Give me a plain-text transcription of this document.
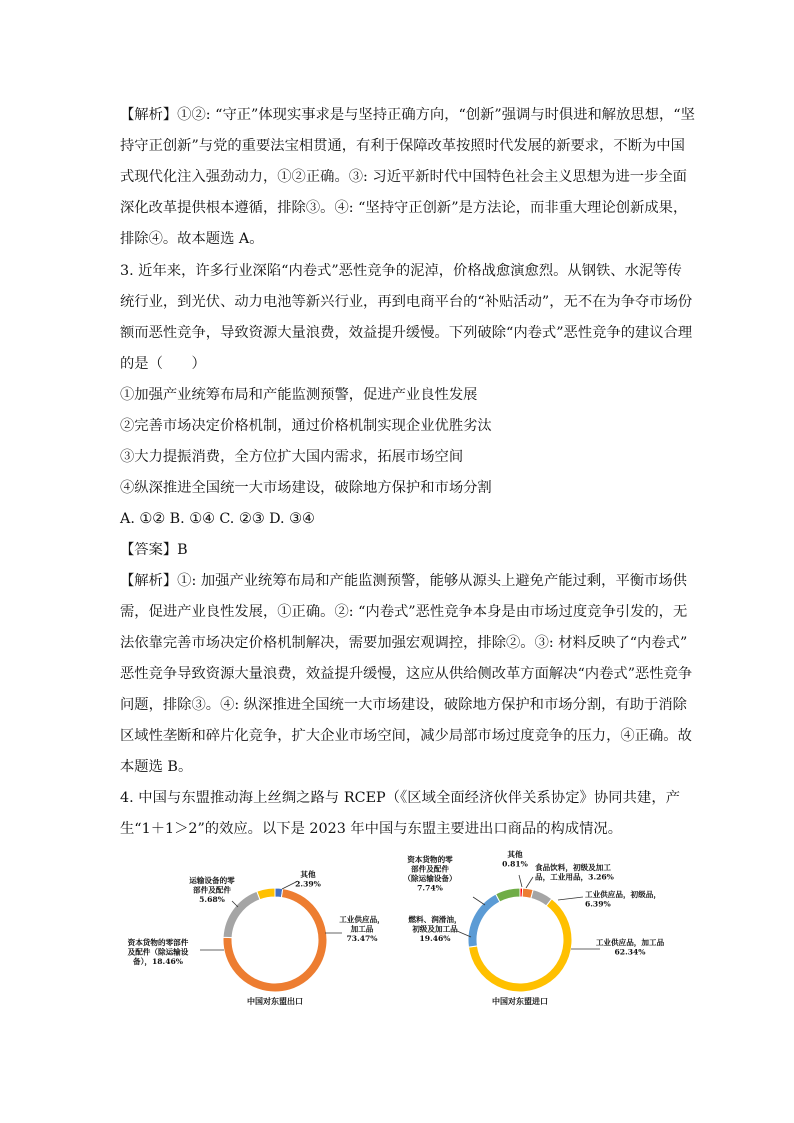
【解析】①②: “守正”体现实事求是与坚持正确方向，“创新”强调与时俱进和解放思想，“坚
持守正创新”与党的重要法宝相贯通，有利于保障改革按照时代发展的新要求，不断为中国
式现代化注入强劲动力，①②正确。③: 习近平新时代中国特色社会主义思想为进一步全面
深化改革提供根本遵循，排除③。④: “坚持守正创新”是方法论，而非重大理论创新成果，
排除④。故本题选 A。
3. 近年来，许多行业深陷“内卷式”恶性竞争的泥淖，价格战愈演愈烈。从钢铁、水泥等传
统行业，到光伏、动力电池等新兴行业，再到电商平台的“补贴活动”，无不在为争夺市场份
额而恶性竞争，导致资源大量浪费，效益提升缓慢。下列破除“内卷式”恶性竞争的建议合理
的是（　　）
①加强产业统筹布局和产能监测预警，促进产业良性发展
②完善市场决定价格机制，通过价格机制实现企业优胜劣汰
③大力提振消费，全方位扩大国内需求，拓展市场空间
④纵深推进全国统一大市场建设，破除地方保护和市场分割
A. ①② B. ①④ C. ②③ D. ③④
【答案】B
【解析】①: 加强产业统筹布局和产能监测预警，能够从源头上避免产能过剩，平衡市场供
需，促进产业良性发展，①正确。②: “内卷式”恶性竞争本身是由市场过度竞争引发的，无
法依靠完善市场决定价格机制解决，需要加强宏观调控，排除②。③: 材料反映了“内卷式”
恶性竞争导致资源大量浪费，效益提升缓慢，这应从供给侧改革方面解决“内卷式”恶性竞争
问题，排除③。④: 纵深推进全国统一大市场建设，破除地方保护和市场分割，有助于消除
区域性垄断和碎片化竞争，扩大企业市场空间，减少局部市场过度竞争的压力，④正确。故
本题选 B。
4. 中国与东盟推动海上丝绸之路与 RCEP（《区域全面经济伙伴关系协定》协同共建，产
生“1＋1＞2”的效应。以下是 2023 年中国与东盟主要进出口商品的构成情况。
其他 2.39%
工业供应品，加工品 73.47%
资本货物的零部件及配件（除运输设备），18.46%
运输设备的零部件及配件 5.68%
中国对东盟出口
其他 0.81% 食品饮料，初级及加工品，工业用品，3.26%
工业供应品，初级品， 6.39%
工业供应品，加工品 62.34%
燃料、润滑油，初级及加工品 19.46%
资本货物的零部件及配件（除运输设备） 7.74%
中国对东盟进口
